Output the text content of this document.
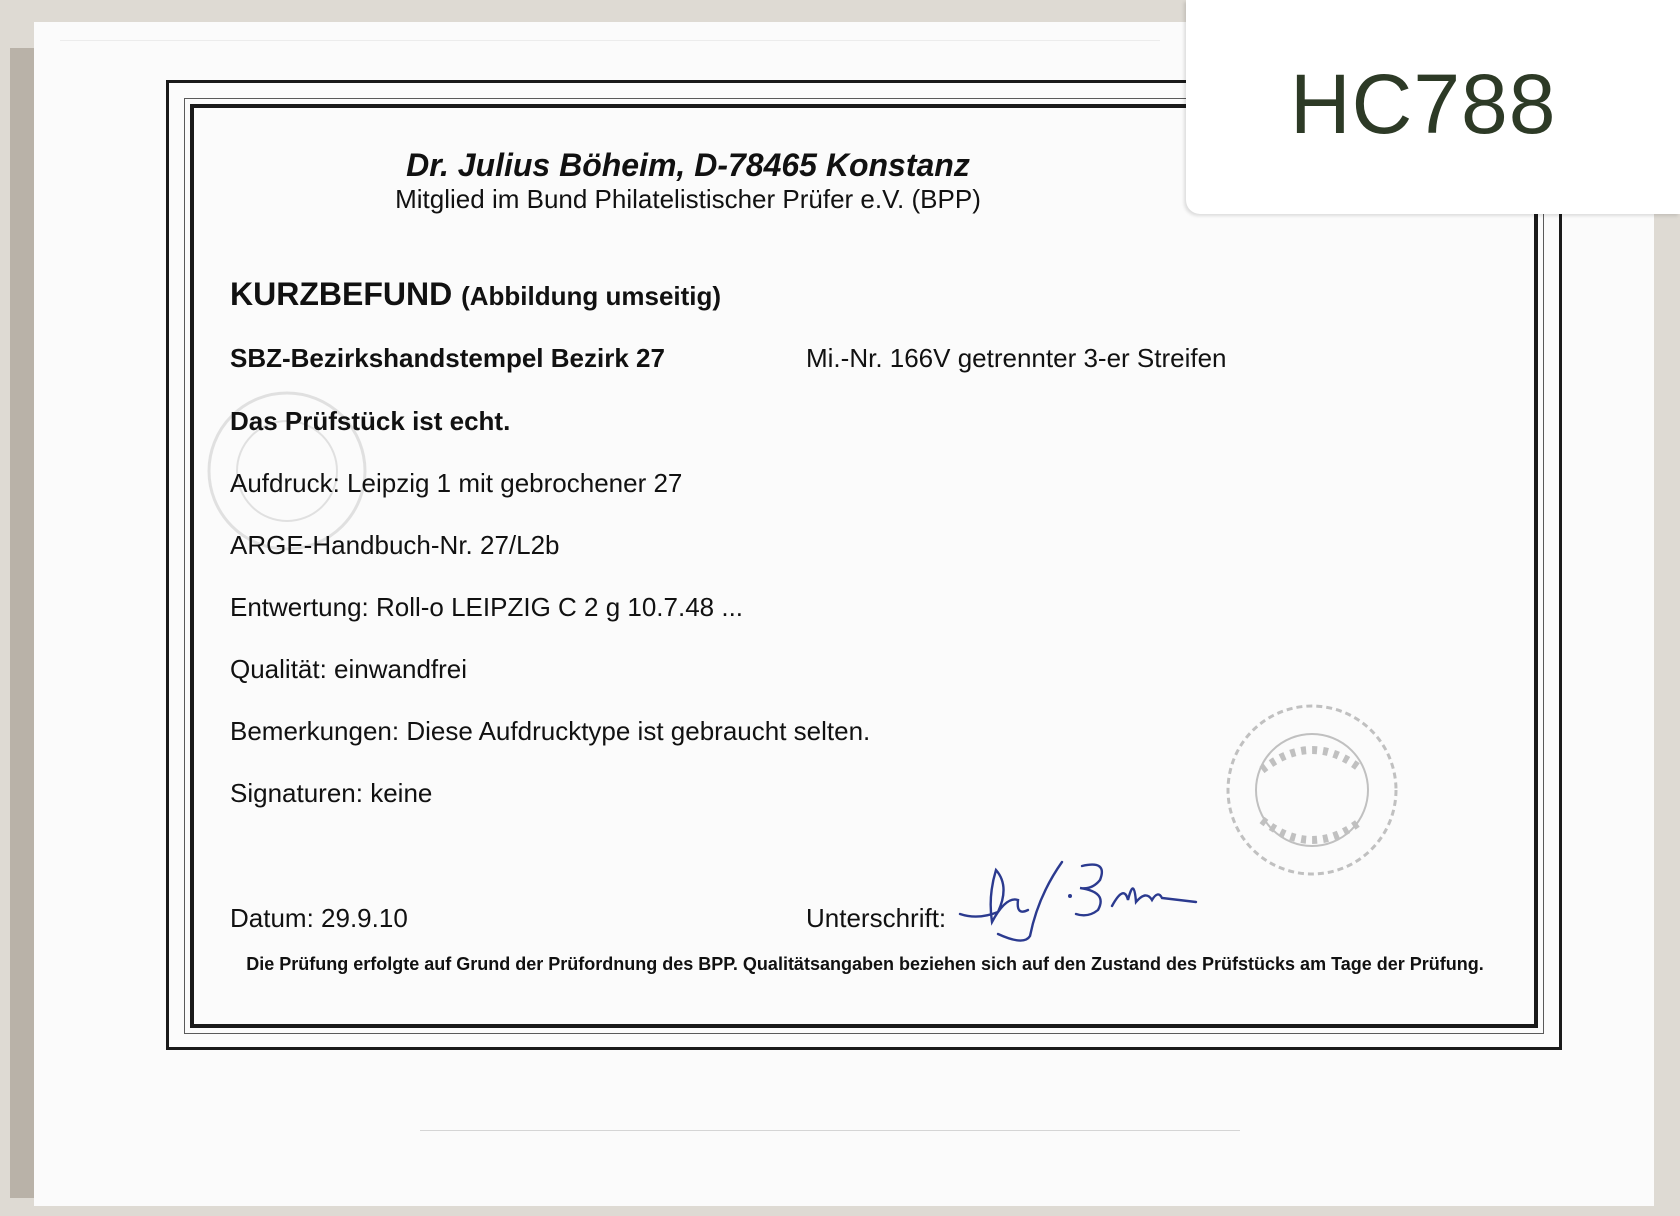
Dr. Julius Böheim, D-78465 Konstanz
Mitglied im Bund Philatelistischer Prüfer e.V. (BPP)
HC788
KURZBEFUND (Abbildung umseitig)
SBZ-Bezirkshandstempel Bezirk 27	Mi.-Nr. 166V getrennter 3-er Streifen
Das Prüfstück ist echt.
Aufdruck: Leipzig 1 mit gebrochener 27
ARGE-Handbuch-Nr. 27/L2b
Entwertung: Roll-o LEIPZIG C 2 g 10.7.48 ...
Qualität: einwandfrei
Bemerkungen: Diese Aufdrucktype ist gebraucht selten.
Signaturen: keine
Datum: 29.9.10	Unterschrift:
Die Prüfung erfolgte auf Grund der Prüfordnung des BPP. Qualitätsangaben beziehen sich auf den Zustand des Prüfstücks am Tage der Prüfung.
